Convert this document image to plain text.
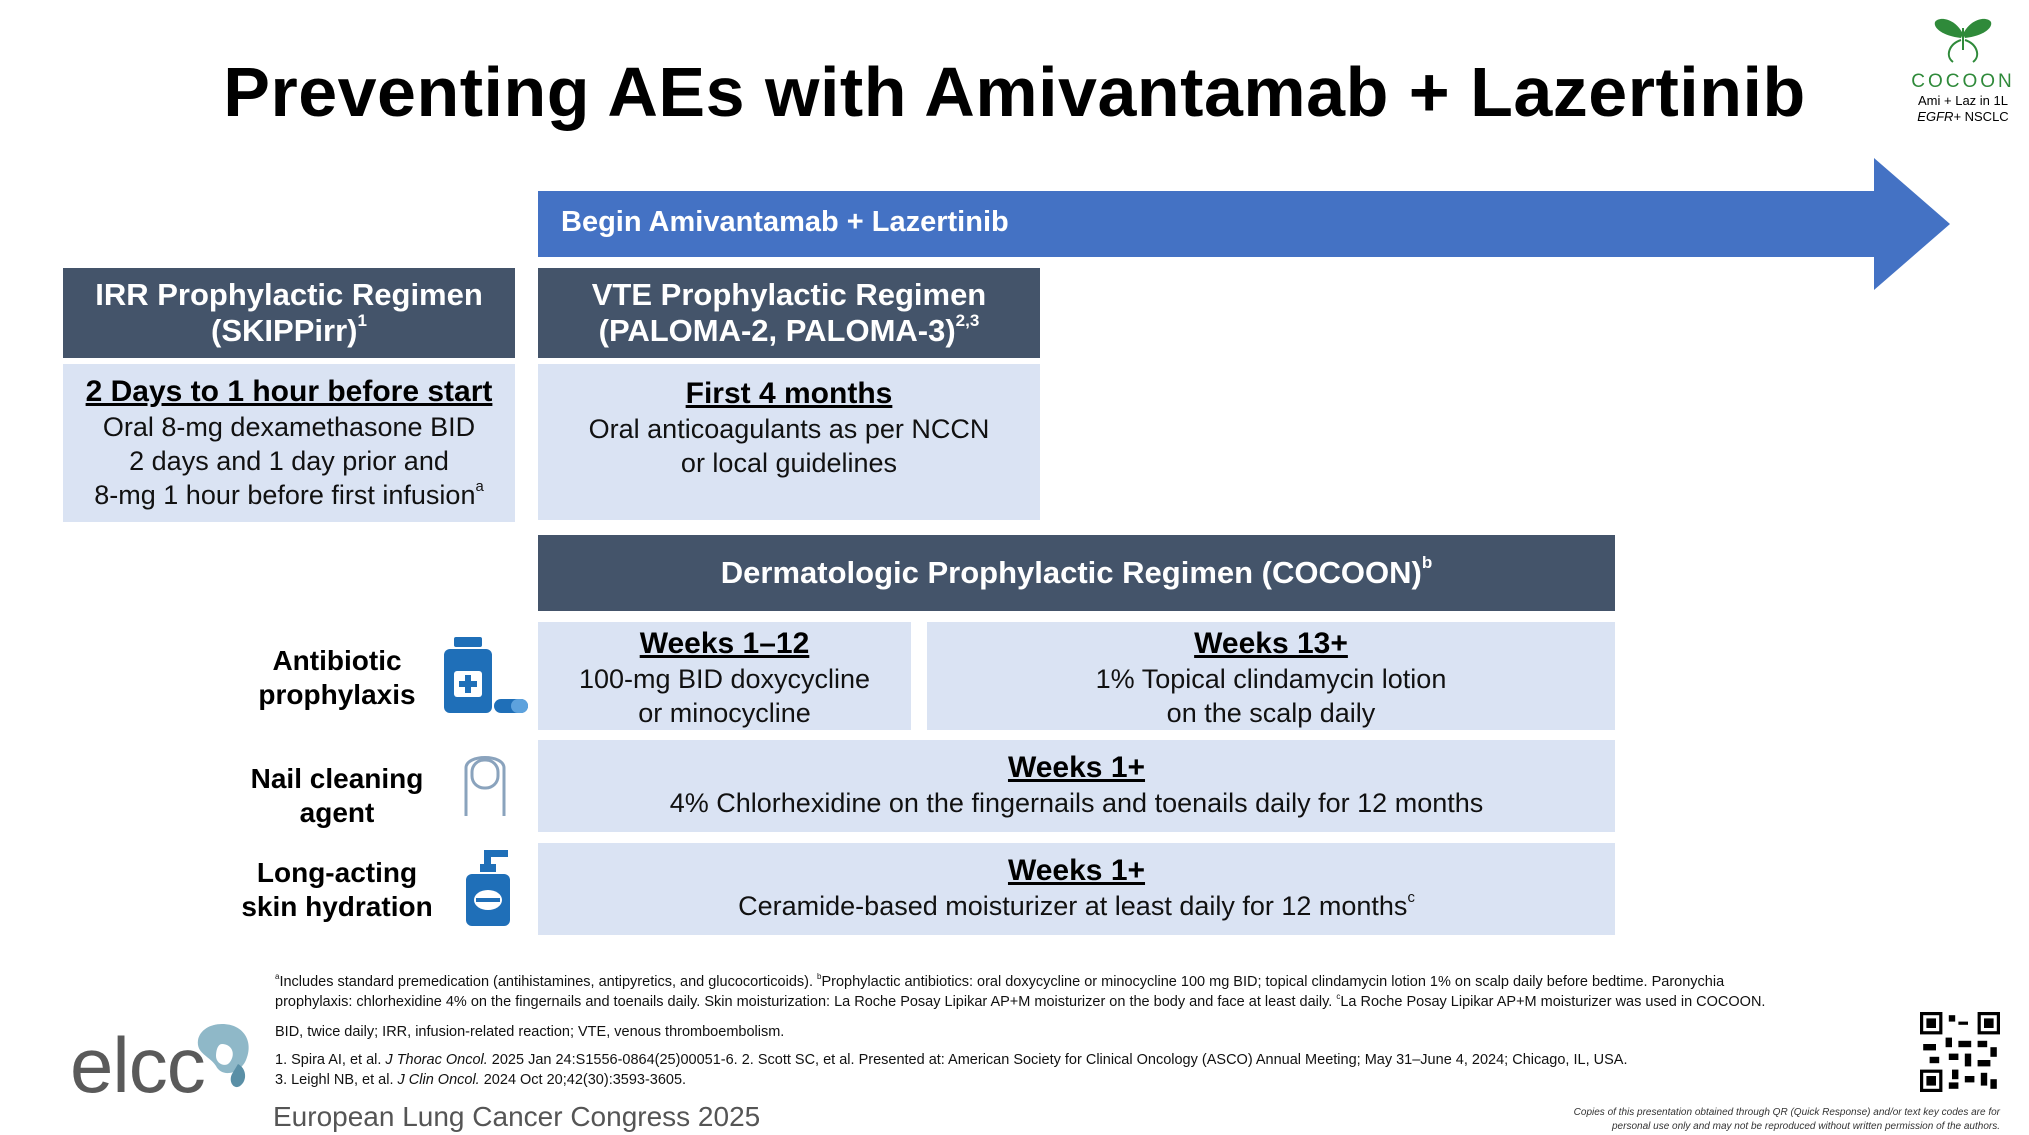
Preventing AEs with Amivantamab + Lazertinib	COCOON
Ami + Laz in 1L
EGFR+ NSCLC
Begin Amivantamab + Lazertinib
IRR Prophylactic Regimen
(SKIPPirr)$^1$
2 Days to 1 hour before start
Oral 8-mg dexamethasone BID
2 days and 1 day prior and
8-mg 1 hour before first infusion$^a$
VTE Prophylactic Regimen
(PALOMA-2, PALOMA-3)$^{2,3}$
First 4 months
Oral anticoagulants as per NCCN
or local guidelines
Dermatologic Prophylactic Regimen (COCOON)$^b$
Antibiotic
prophylaxis
Weeks 1–12
100-mg BID doxycycline
or minocycline
Weeks 13+
1% Topical clindamycin lotion
on the scalp daily
Nail cleaning
agent
Weeks 1+
4% Chlorhexidine on the fingernails and toenails daily for 12 months
Long-acting
skin hydration
Weeks 1+
Ceramide-based moisturizer at least daily for 12 months$^c$
$^a$Includes standard premedication (antihistamines, antipyretics, and glucocorticoids). $^b$Prophylactic antibiotics: oral doxycycline or minocycline 100 mg BID; topical clindamycin lotion 1% on scalp daily before bedtime. Paronychia
prophylaxis: chlorhexidine 4% on the fingernails and toenails daily. Skin moisturization: La Roche Posay Lipikar AP+M moisturizer on the body and face at least daily. $^c$La Roche Posay Lipikar AP+M moisturizer was used in COCOON.
BID, twice daily; IRR, infusion-related reaction; VTE, venous thromboembolism.
1. Spira AI, et al. J Thorac Oncol. 2025 Jan 24:S1556-0864(25)00051-6. 2. Scott SC, et al. Presented at: American Society for Clinical Oncology (ASCO) Annual Meeting; May 31–June 4, 2024; Chicago, IL, USA.
3. Leighl NB, et al. J Clin Oncol. 2024 Oct 20;42(30):3593-3605.
elcc
European Lung Cancer Congress 2025	Copies of this presentation obtained through QR (Quick Response) and/or text key codes are for
personal use only and may not be reproduced without written permission of the authors.
